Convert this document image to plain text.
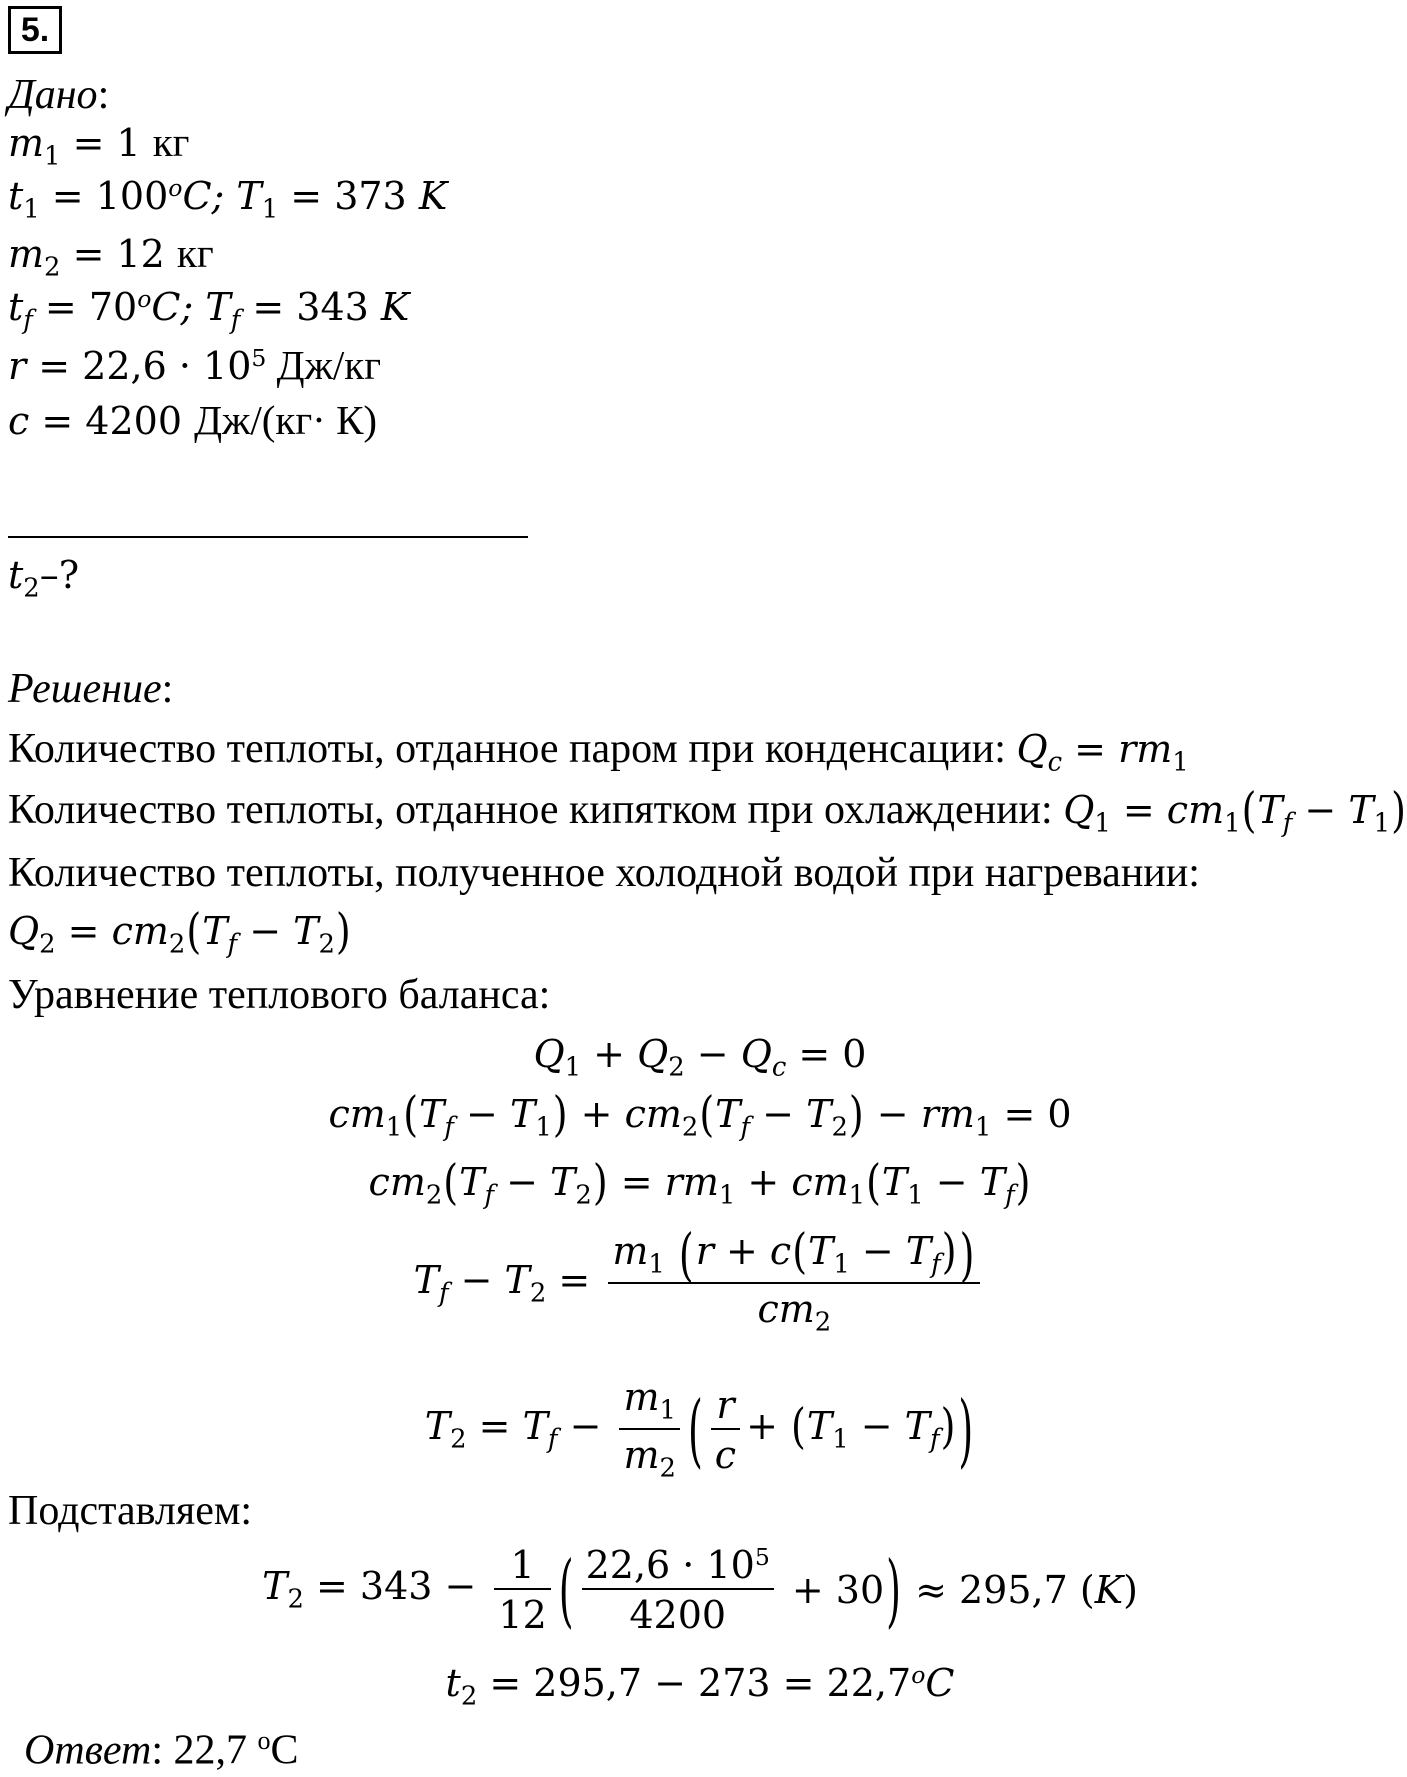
5.
Дано:
$m_1 = 1$ кг
$t_1 = 100^oC$; $T_1 = 373$ K
$m_2 = 12$ кг
$t_f = 70^oC$; $T_f = 343$ K
$r = 22,6 \cdot 10^5$ Дж/кг
c = 4200 Дж/(кг· К)
$t_2-$?
Решение:
Количество теплоты, отданное паром при конденсации: $Q_c = rm_1$
Количество теплоты, отданное кипятком при охлаждении: $Q_1 = cm_1(T_f - T_1)$
Количество теплоты, полученное холодной водой при нагревании:
$Q_2 = cm_2(T_f - T_2)$
Уравнение теплового баланса:
$Q_1 + Q_2 - Q_c = 0$
$cm_1(T_f - T_1) + cm_2(T_f - T_2) - rm_1 = 0$
$cm_2(T_f - T_2) = rm_1 + cm_1(T_1 - T_f)$
$T_f - T_2 = \frac{m_1 (r + c(T_1 - T_f))}{cm_2}$
$T_2 = T_f - \frac{m_1}{m_2}$ ( $\frac{r}{c} + (T_1 - T_f)$)
Подставляем:
$T_2 = 343 - \frac{1}{12}$ ( $\frac{22,6 \cdot 10^5}{4200} + 30) \approx 295,7$ (K)
$t_2 = 295,7 - 273 = 22,7^oC$
Ответ: 22,7 $^o$C
